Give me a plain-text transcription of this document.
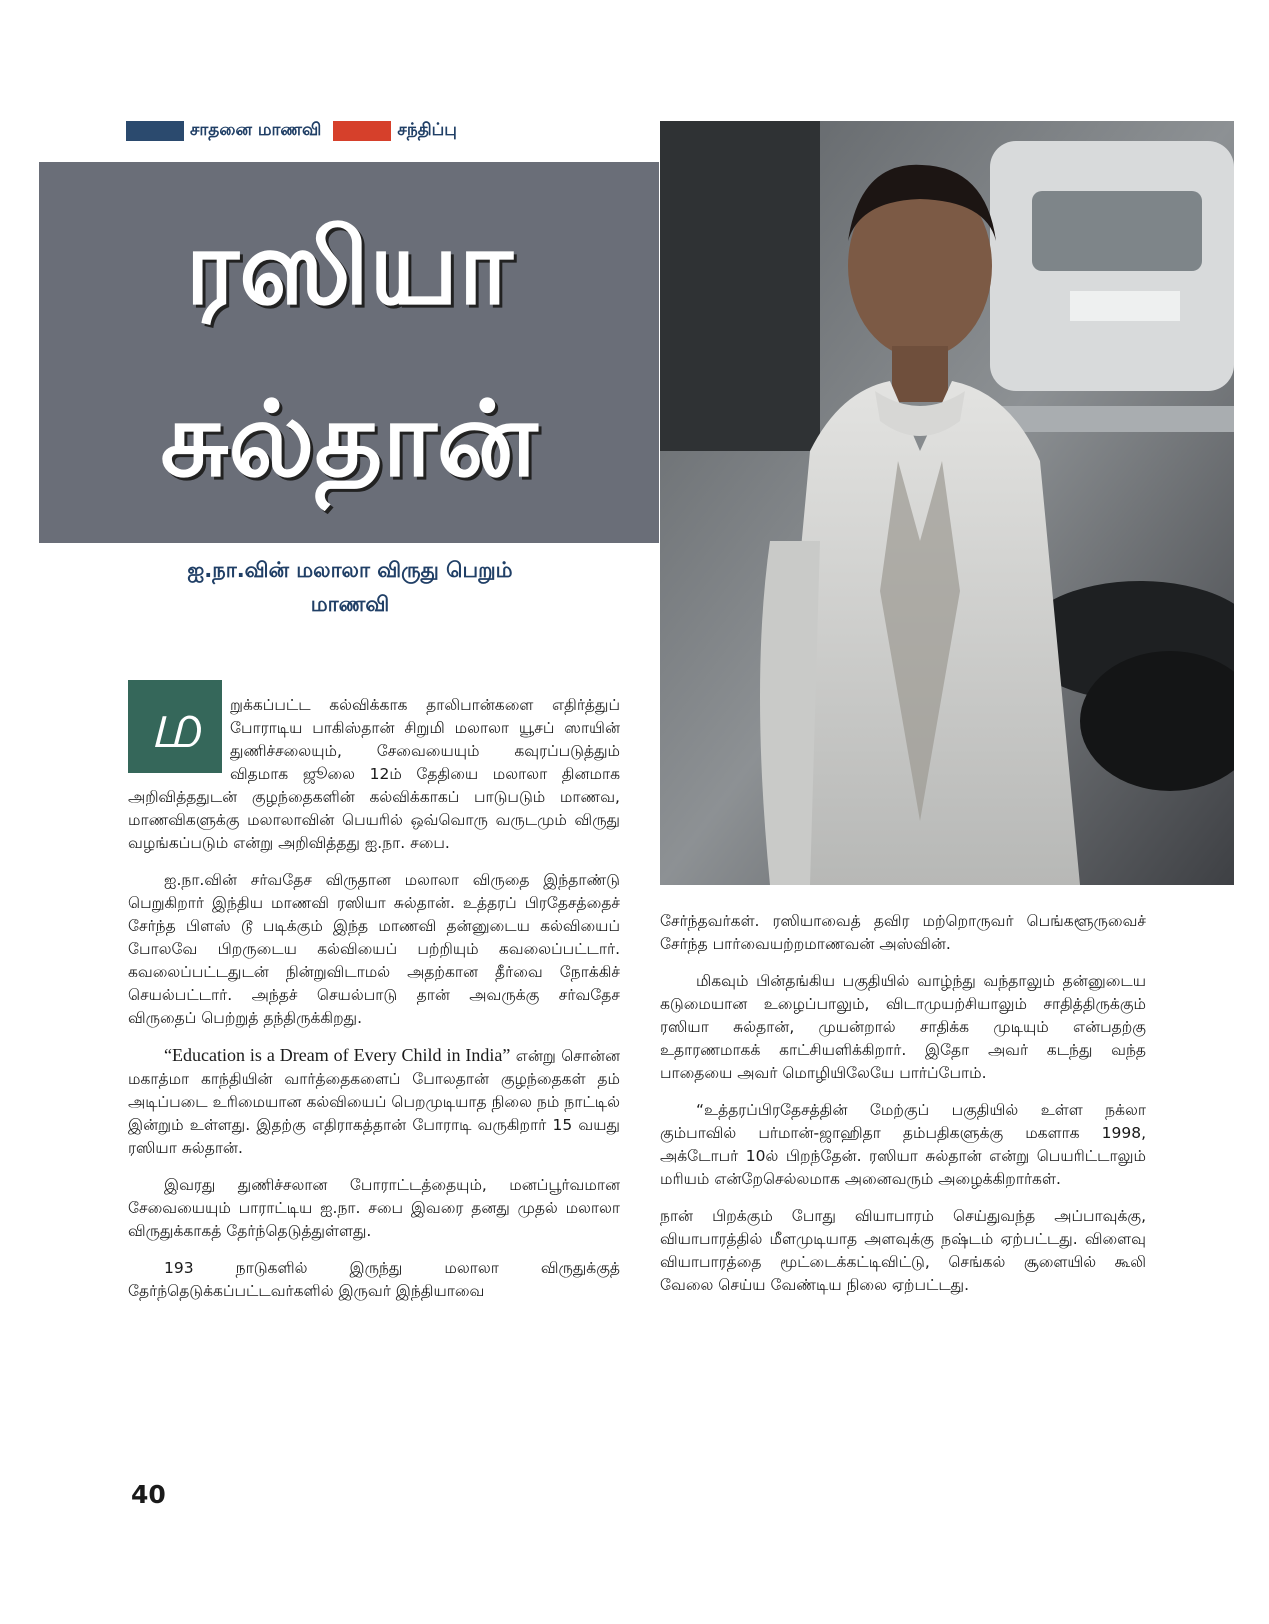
சாதனை மாணவி	சந்திப்பு
ரஸியா
சுல்தான்
ஐ.நா.வின் மலாலா விருது பெறும்
மாணவி

ம	றுக்கப்பட்ட கல்விக்காக தாலிபான்களை எதிர்த்துப் போராடிய பாகிஸ்தான் சிறுமி மலாலா யூசப் ஸாயின் துணிச்சலையும், சேவையையும் கவுரப்படுத்தும் விதமாக ஜூலை 12ம் தேதியை மலாலா தினமாக அறிவித்ததுடன் குழந்தைகளின் கல்விக்காகப் பாடுபடும் மாணவ, மாணவிகளுக்கு மலாலாவின் பெயரில் ஒவ்வொரு வருடமும் விருது வழங்கப்படும் என்று அறிவித்தது ஐ.நா. சபை.

ஐ.நா.வின் சர்வதேச விருதான மலாலா விருதை இந்தாண்டு பெறுகிறார் இந்திய மாணவி ரஸியா சுல்தான். உத்தரப் பிரதேசத்தைச் சேர்ந்த பிளஸ் டூ படிக்கும் இந்த மாணவி தன்னுடைய கல்வியைப் போலவே பிறருடைய கல்வியைப் பற்றியும் கவலைப்பட்டார். கவலைப்பட்டதுடன் நின்றுவிடாமல் அதற்கான தீர்வை நோக்கிச் செயல்பட்டார். அந்தச் செயல்பாடு தான் அவருக்கு சர்வதேச விருதைப் பெற்றுத் தந்திருக்கிறது.

“Education is a Dream of Every Child in India” என்று சொன்ன மகாத்மா காந்தியின் வார்த்தைகளைப் போலதான் குழந்தைகள் தம் அடிப்படை உரிமையான கல்வியைப் பெறமுடியாத நிலை நம் நாட்டில் இன்றும் உள்ளது. இதற்கு எதிராகத்தான் போராடி வருகிறார் 15 வயது ரஸியா சுல்தான்.

இவரது துணிச்சலான போராட்டத்தையும், மனப்பூர்வமான சேவையையும் பாராட்டிய ஐ.நா. சபை இவரை தனது முதல் மலாலா விருதுக்காகத் தேர்ந்தெடுத்துள்ளது.

193 நாடுகளில் இருந்து மலாலா விருதுக்குத் தேர்ந்தெடுக்கப்பட்டவர்களில் இருவர் இந்தியாவை

சேர்ந்தவர்கள். ரஸியாவைத் தவிர மற்றொருவர் பெங்களூருவைச் சேர்ந்த பார்வையற்றமாணவன் அஸ்வின்.

மிகவும் பின்தங்கிய பகுதியில் வாழ்ந்து வந்தாலும் தன்னுடைய கடுமையான உழைப்பாலும், விடாமுயற்சியாலும் சாதித்திருக்கும் ரஸியா சுல்தான், முயன்றால் சாதிக்க முடியும் என்பதற்கு உதாரணமாகக் காட்சியளிக்கிறார். இதோ அவர் கடந்து வந்த பாதையை அவர் மொழியிலேயே பார்ப்போம்.

“உத்தரப்பிரதேசத்தின் மேற்குப் பகுதியில் உள்ள நக்லா கும்பாவில் பர்மான்-ஜாஹிதா தம்பதிகளுக்கு மகளாக 1998, அக்டோபர் 10ல் பிறந்தேன். ரஸியா சுல்தான் என்று பெயரிட்டாலும் மரியம் என்றேசெல்லமாக அனைவரும் அழைக்கிறார்கள்.

நான் பிறக்கும் போது வியாபாரம் செய்துவந்த அப்பாவுக்கு, வியாபாரத்தில் மீளமுடியாத அளவுக்கு நஷ்டம் ஏற்பட்டது. விளைவு வியாபாரத்தை மூட்டைக்கட்டிவிட்டு, செங்கல் சூளையில் கூலி வேலை செய்ய வேண்டிய நிலை ஏற்பட்டது.

40
